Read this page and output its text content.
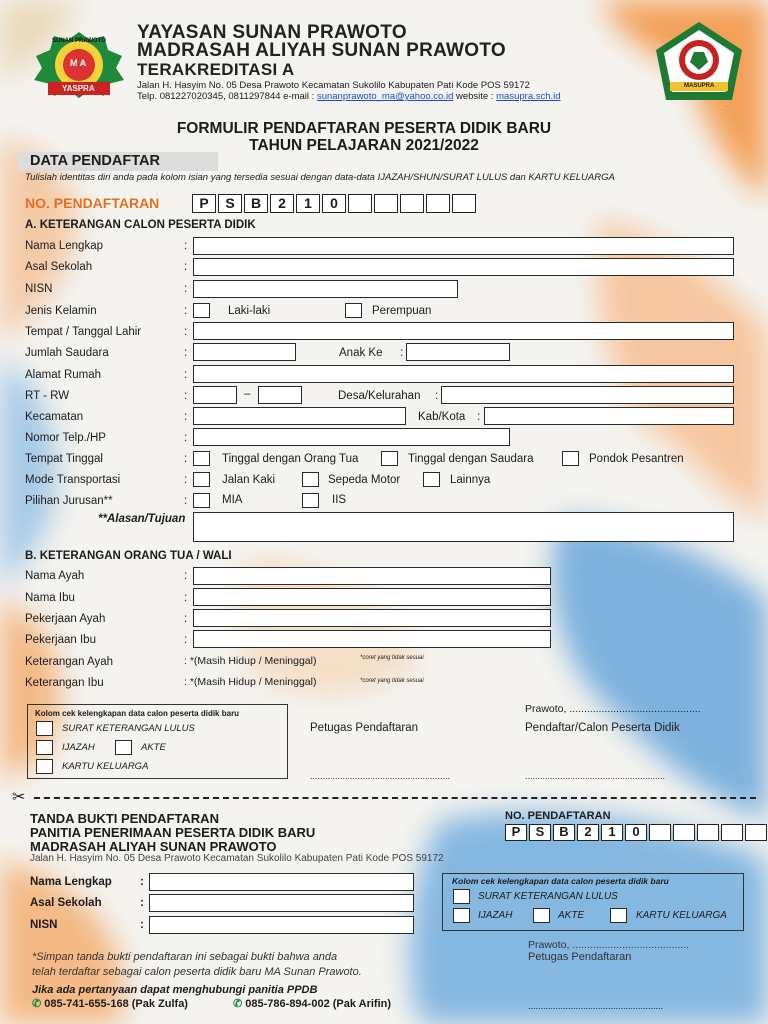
SUNAN PRAWOTO
M A
YASPRA	MASUPRA
YAYASAN SUNAN PRAWOTO
MADRASAH ALIYAH SUNAN PRAWOTO
TERAKREDITASI A
Jalan H. Hasyim No. 05 Desa Prawoto Kecamatan Sukolilo Kabupaten Pati Kode POS 59172
Telp. 081227020345, 0811297844 e-mail : sunanprawoto_ma@yahoo.co.id website : masupra.sch.id
FORMULIR PENDAFTARAN PESERTA DIDIK BARU
TAHUN PELAJARAN 2021/2022
DATA PENDAFTAR
Tulislah identitas diri anda pada kolom isian yang tersedia sesuai dengan data-data IJAZAH/SHUN/SURAT LULUS dan KARTU KELUARGA
NO. PENDAFTARAN	P	S	B	2	1	0
A. KETERANGAN CALON PESERTA DIDIK
Nama Lengkap	:
Asal Sekolah	:
NISN	:
Jenis Kelamin	:	Laki-laki	Perempuan
Tempat / Tanggal Lahir	:
Jumlah Saudara	:	Anak Ke :
Alamat Rumah	:
RT - RW	:	–	Desa/Kelurahan :
Kecamatan	:	Kab/Kota :
Nomor Telp./HP	:
Tempat Tinggal	:	Tinggal dengan Orang Tua	Tinggal dengan Saudara	Pondok Pesantren
Mode Transportasi	:	Jalan Kaki	Sepeda Motor	Lainnya
Pilihan Jurusan**	:	MIA	IIS
**Alasan/Tujuan
B. KETERANGAN ORANG TUA / WALI
Nama Ayah	:
Nama Ibu	:
Pekerjaan Ayah	:
Pekerjaan Ibu	:
Keterangan Ayah	: *(Masih Hidup / Meninggal)	*coret yang tidak sesuai
Keterangan Ibu	: *(Masih Hidup / Meninggal)	*coret yang tidak sesuai
Kolom cek kelengkapan data calon peserta didik baru
SURAT KETERANGAN LULUS
IJAZAH	AKTE
KARTU KELUARGA
Prawoto, .............................................
Petugas Pendaftaran	Pendaftar/Calon Peserta Didik
........................................................	........................................................
✂
TANDA BUKTI PENDAFTARAN
PANITIA PENERIMAAN PESERTA DIDIK BARU
MADRASAH ALIYAH SUNAN PRAWOTO
Jalan H. Hasyim No. 05 Desa Prawoto Kecamatan Sukolilo Kabupaten Pati Kode POS 59172
NO. PENDAFTARAN
P	S	B	2	1	0
Nama Lengkap :
Asal Sekolah	:
NISN	:
Kolom cek kelengkapan data calon peserta didik baru
SURAT KETERANGAN LULUS
IJAZAH	AKTE	KARTU KELUARGA
*Simpan tanda bukti pendaftaran ini sebagai bukti bahwa anda
telah terdaftar sebagai calon peserta didik baru MA Sunan Prawoto.
Jika ada pertanyaan dapat menghubungi panitia PPDB
✆ 085-741-655-168 (Pak Zulfa)	✆ 085-786-894-002 (Pak Arifin)
Prawoto, ........................................
Petugas Pendaftaran
......................................................
